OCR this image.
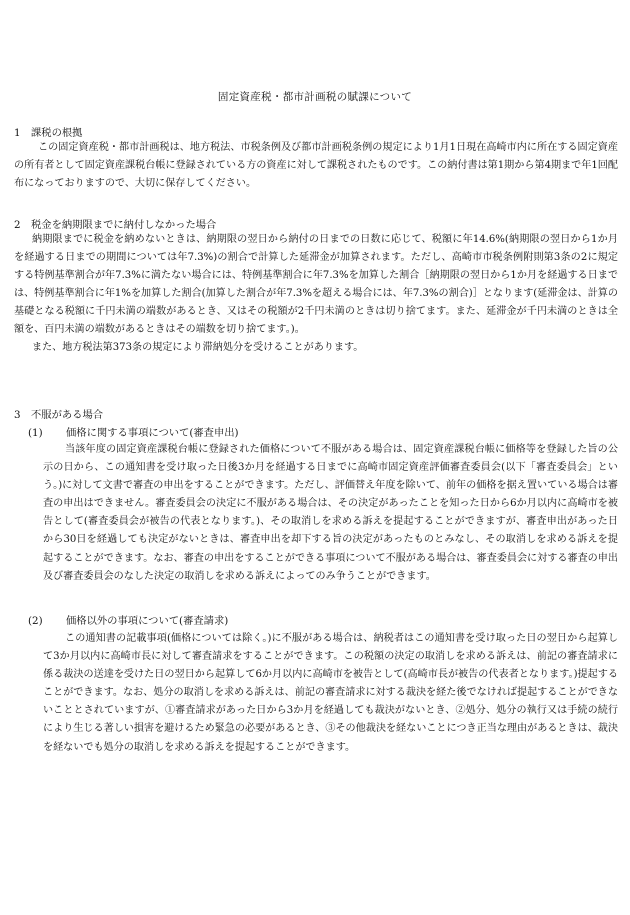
固定資産税・都市計画税の賦課について
1 課税の根拠

この固定資産税・都市計画税は、地方税法、市税条例及び都市計画税条例の規定により1月1日現在高崎市内に所在する固定資産の所有者として固定資産課税台帳に登録されている方の資産に対して課税されたものです。この納付書は第1期から第4期まで年1回配布になっておりますので、大切に保存してください。

2 税金を納期限までに納付しなかった場合

納期限までに税金を納めないときは、納期限の翌日から納付の日までの日数に応じて、税額に年14.6%(納期限の翌日から1か月を経過する日までの期間については年7.3%)の割合で計算した延滞金が加算されます。ただし、高崎市市税条例附則第3条の2に規定する特例基準割合が年7.3%に満たない場合には、特例基準割合に年7.3%を加算した割合［納期限の翌日から1か月を経過する日までは、特例基準割合に年1%を加算した割合(加算した割合が年7.3%を超える場合には、年7.3%の割合)］となります(延滞金は、計算の基礎となる税額に千円未満の端数があるとき、又はその税額が2千円未満のときは切り捨てます。また、延滞金が千円未満のときは全額を、百円未満の端数があるときはその端数を切り捨てます。)。

また、地方税法第373条の規定により滞納処分を受けることがあります。

3 不服がある場合
(1) 価格に関する事項について(審査申出)

当該年度の固定資産課税台帳に登録された価格について不服がある場合は、固定資産課税台帳に価格等を登録した旨の公示の日から、この通知書を受け取った日後3か月を経過する日までに高崎市固定資産評価審査委員会(以下「審査委員会」という。)に対して文書で審査の申出をすることができます。ただし、評価替え年度を除いて、前年の価格を据え置いている場合は審査の申出はできません。審査委員会の決定に不服がある場合は、その決定があったことを知った日から6か月以内に高崎市を被告として(審査委員会が被告の代表となります。)、その取消しを求める訴えを提起することができますが、審査申出があった日から30日を経過しても決定がないときは、審査申出を却下する旨の決定があったものとみなし、その取消しを求める訴えを提起することができます。なお、審査の申出をすることができる事項について不服がある場合は、審査委員会に対する審査の申出及び審査委員会のなした決定の取消しを求める訴えによってのみ争うことができます。

(2) 価格以外の事項について(審査請求)

この通知書の記載事項(価格については除く。)に不服がある場合は、納税者はこの通知書を受け取った日の翌日から起算して3か月以内に高崎市長に対して審査請求をすることができます。この税額の決定の取消しを求める訴えは、前記の審査請求に係る裁決の送達を受けた日の翌日から起算して6か月以内に高崎市を被告として(高崎市長が被告の代表者となります。)提起することができます。なお、処分の取消しを求める訴えは、前記の審査請求に対する裁決を経た後でなければ提起することができないこととされていますが、①審査請求があった日から3か月を経過しても裁決がないとき、②処分、処分の執行又は手続の続行により生じる著しい損害を避けるため緊急の必要があるとき、③その他裁決を経ないことにつき正当な理由があるときは、裁決を経ないでも処分の取消しを求める訴えを提起することができます。
